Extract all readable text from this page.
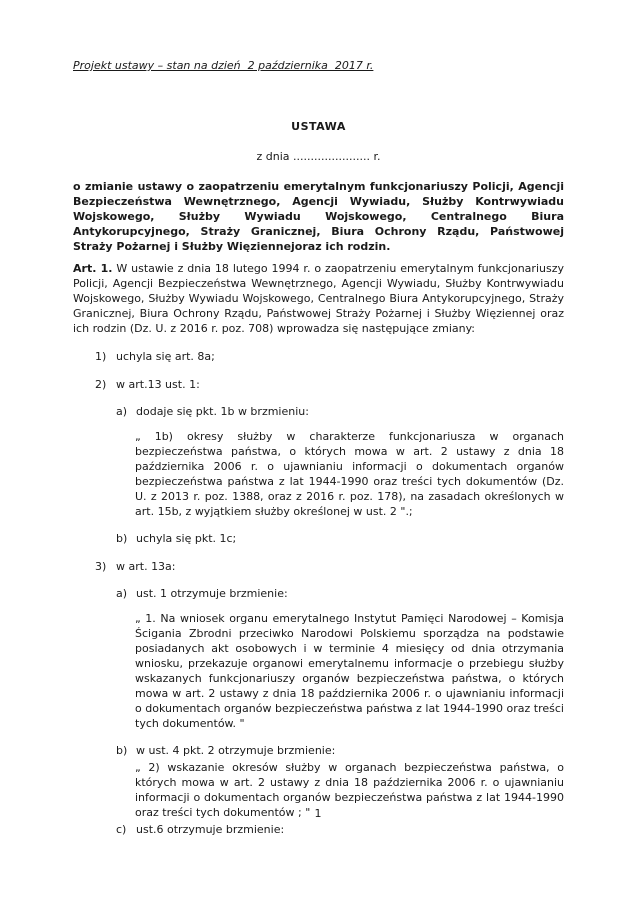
Projekt ustawy – stan na dzień  2 października  2017 r.
USTAWA
z dnia ...................... r.
o zmianie ustawy o zaopatrzeniu emerytalnym funkcjonariuszy Policji, Agencji Bezpieczeństwa Wewnętrznego, Agencji Wywiadu, Służby Kontrwywiadu Wojskowego, Służby Wywiadu Wojskowego, Centralnego Biura Antykorupcyjnego, Straży Granicznej, Biura Ochrony Rządu, Państwowej Straży Pożarnej i Służby Więziennejoraz ich rodzin.
Art. 1. W ustawie z dnia 18 lutego 1994 r. o zaopatrzeniu emerytalnym funkcjonariuszy Policji, Agencji Bezpieczeństwa Wewnętrznego, Agencji Wywiadu, Służby Kontrwywiadu Wojskowego, Służby Wywiadu Wojskowego, Centralnego Biura Antykorupcyjnego, Straży Granicznej, Biura Ochrony Rządu, Państwowej Straży Pożarnej i Służby Więziennej oraz ich rodzin (Dz. U. z 2016 r. poz. 708) wprowadza się następujące zmiany:
1) uchyla się art. 8a;
2) w art.13 ust. 1:
a) dodaje się pkt. 1b w brzmieniu:
„ 1b) okresy służby w charakterze funkcjonariusza w organach bezpieczeństwa państwa, o których mowa w art. 2 ustawy z dnia 18 października 2006 r. o ujawnianiu informacji o dokumentach organów bezpieczeństwa państwa z lat 1944-1990 oraz treści tych dokumentów (Dz. U. z 2013 r. poz. 1388, oraz z 2016 r. poz. 178), na zasadach określonych w art. 15b, z wyjątkiem służby określonej w ust. 2 ".;
b) uchyla się pkt. 1c;
3) w art. 13a:
a) ust. 1 otrzymuje brzmienie:
„ 1. Na wniosek organu emerytalnego Instytut Pamięci Narodowej – Komisja Ścigania Zbrodni przeciwko Narodowi Polskiemu sporządza na podstawie posiadanych akt osobowych i w terminie 4 miesięcy od dnia otrzymania wniosku, przekazuje organowi emerytalnemu informacje o przebiegu służby wskazanych funkcjonariuszy organów bezpieczeństwa państwa, o których mowa w art. 2 ustawy z dnia 18 października 2006 r. o ujawnianiu informacji o dokumentach organów bezpieczeństwa państwa z lat 1944-1990 oraz treści tych dokumentów. "
b) w ust. 4 pkt. 2 otrzymuje brzmienie:
„ 2) wskazanie okresów służby w organach bezpieczeństwa państwa, o których mowa w art. 2 ustawy z dnia 18 października 2006 r. o ujawnianiu informacji o dokumentach organów bezpieczeństwa państwa z lat 1944-1990 oraz treści tych dokumentów ; "
c) ust.6 otrzymuje brzmienie:
1
